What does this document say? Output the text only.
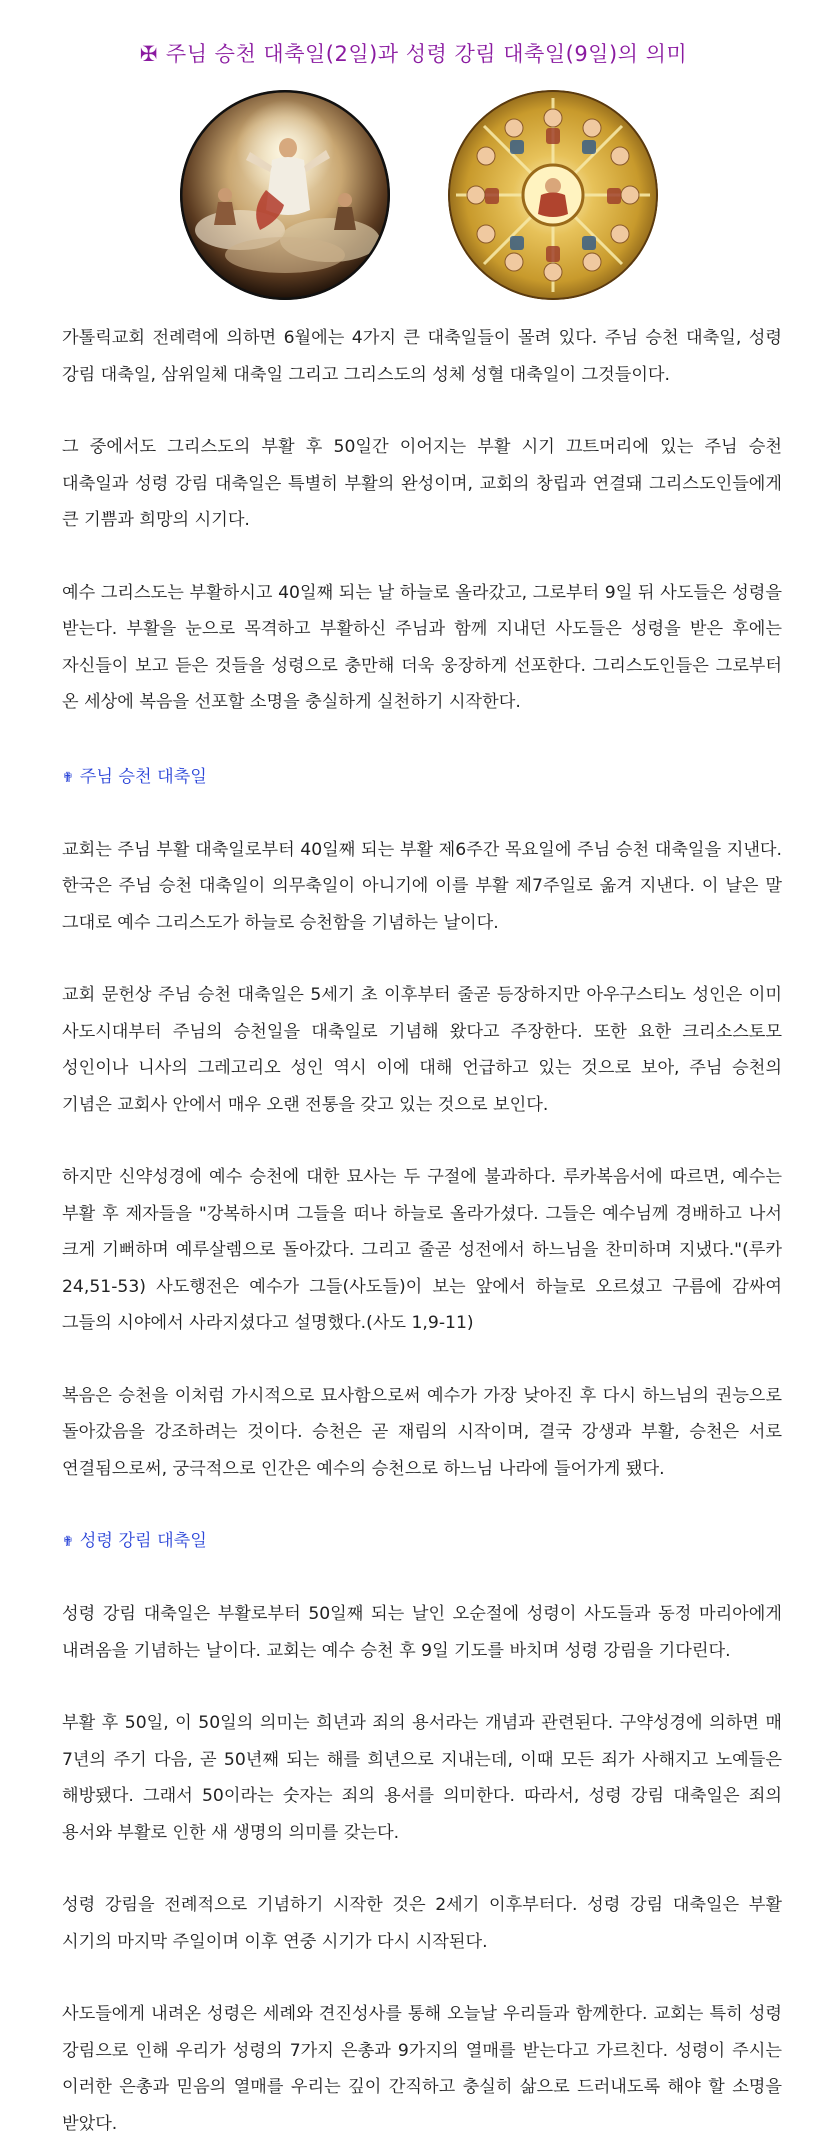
✠ 주님 승천 대축일(2일)과 성령 강림 대축일(9일)의 의미

가톨릭교회 전례력에 의하면 6월에는 4가지 큰 대축일들이 몰려 있다. 주님 승천 대축일, 성령 강림 대축일, 삼위일체 대축일 그리고 그리스도의 성체 성혈 대축일이 그것들이다.

그 중에서도 그리스도의 부활 후 50일간 이어지는 부활 시기 끄트머리에 있는 주님 승천 대축일과 성령 강림 대축일은 특별히 부활의 완성이며, 교회의 창립과 연결돼 그리스도인들에게 큰 기쁨과 희망의 시기다.

예수 그리스도는 부활하시고 40일째 되는 날 하늘로 올라갔고, 그로부터 9일 뒤 사도들은 성령을 받는다. 부활을 눈으로 목격하고 부활하신 주님과 함께 지내던 사도들은 성령을 받은 후에는 자신들이 보고 듣은 것들을 성령으로 충만해 더욱 웅장하게 선포한다. 그리스도인들은 그로부터 온 세상에 복음을 선포할 소명을 충실하게 실천하기 시작한다.

✟ 주님 승천 대축일

교회는 주님 부활 대축일로부터 40일째 되는 부활 제6주간 목요일에 주님 승천 대축일을 지낸다. 한국은 주님 승천 대축일이 의무축일이 아니기에 이를 부활 제7주일로 옮겨 지낸다. 이 날은 말 그대로 예수 그리스도가 하늘로 승천함을 기념하는 날이다.

교회 문헌상 주님 승천 대축일은 5세기 초 이후부터 줄곧 등장하지만 아우구스티노 성인은 이미 사도시대부터 주님의 승천일을 대축일로 기념해 왔다고 주장한다. 또한 요한 크리소스토모 성인이나 니사의 그레고리오 성인 역시 이에 대해 언급하고 있는 것으로 보아, 주님 승천의 기념은 교회사 안에서 매우 오랜 전통을 갖고 있는 것으로 보인다.

하지만 신약성경에 예수 승천에 대한 묘사는 두 구절에 불과하다. 루카복음서에 따르면, 예수는 부활 후 제자들을 "강복하시며 그들을 떠나 하늘로 올라가셨다. 그들은 예수님께 경배하고 나서 크게 기뻐하며 예루살렘으로 돌아갔다. 그리고 줄곧 성전에서 하느님을 찬미하며 지냈다."(루카 24,51-53) 사도행전은 예수가 그들(사도들)이 보는 앞에서 하늘로 오르셨고 구름에 감싸여 그들의 시야에서 사라지셨다고 설명했다.(사도 1,9-11)

복음은 승천을 이처럼 가시적으로 묘사함으로써 예수가 가장 낮아진 후 다시 하느님의 권능으로 돌아갔음을 강조하려는 것이다. 승천은 곧 재림의 시작이며, 결국 강생과 부활, 승천은 서로 연결됨으로써, 궁극적으로 인간은 예수의 승천으로 하느님 나라에 들어가게 됐다.

✟ 성령 강림 대축일

성령 강림 대축일은 부활로부터 50일째 되는 날인 오순절에 성령이 사도들과 동정 마리아에게 내려옴을 기념하는 날이다. 교회는 예수 승천 후 9일 기도를 바치며 성령 강림을 기다린다.

부활 후 50일, 이 50일의 의미는 희년과 죄의 용서라는 개념과 관련된다. 구약성경에 의하면 매 7년의 주기 다음, 곧 50년째 되는 해를 희년으로 지내는데, 이때 모든 죄가 사해지고 노예들은 해방됐다. 그래서 50이라는 숫자는 죄의 용서를 의미한다. 따라서, 성령 강림 대축일은 죄의 용서와 부활로 인한 새 생명의 의미를 갖는다.

성령 강림을 전례적으로 기념하기 시작한 것은 2세기 이후부터다. 성령 강림 대축일은 부활 시기의 마지막 주일이며 이후 연중 시기가 다시 시작된다.

사도들에게 내려온 성령은 세례와 견진성사를 통해 오늘날 우리들과 함께한다. 교회는 특히 성령 강림으로 인해 우리가 성령의 7가지 은총과 9가지의 열매를 받는다고 가르친다. 성령이 주시는 이러한 은총과 믿음의 열매를 우리는 깊이 간직하고 충실히 삶으로 드러내도록 해야 할 소명을 받았다.
